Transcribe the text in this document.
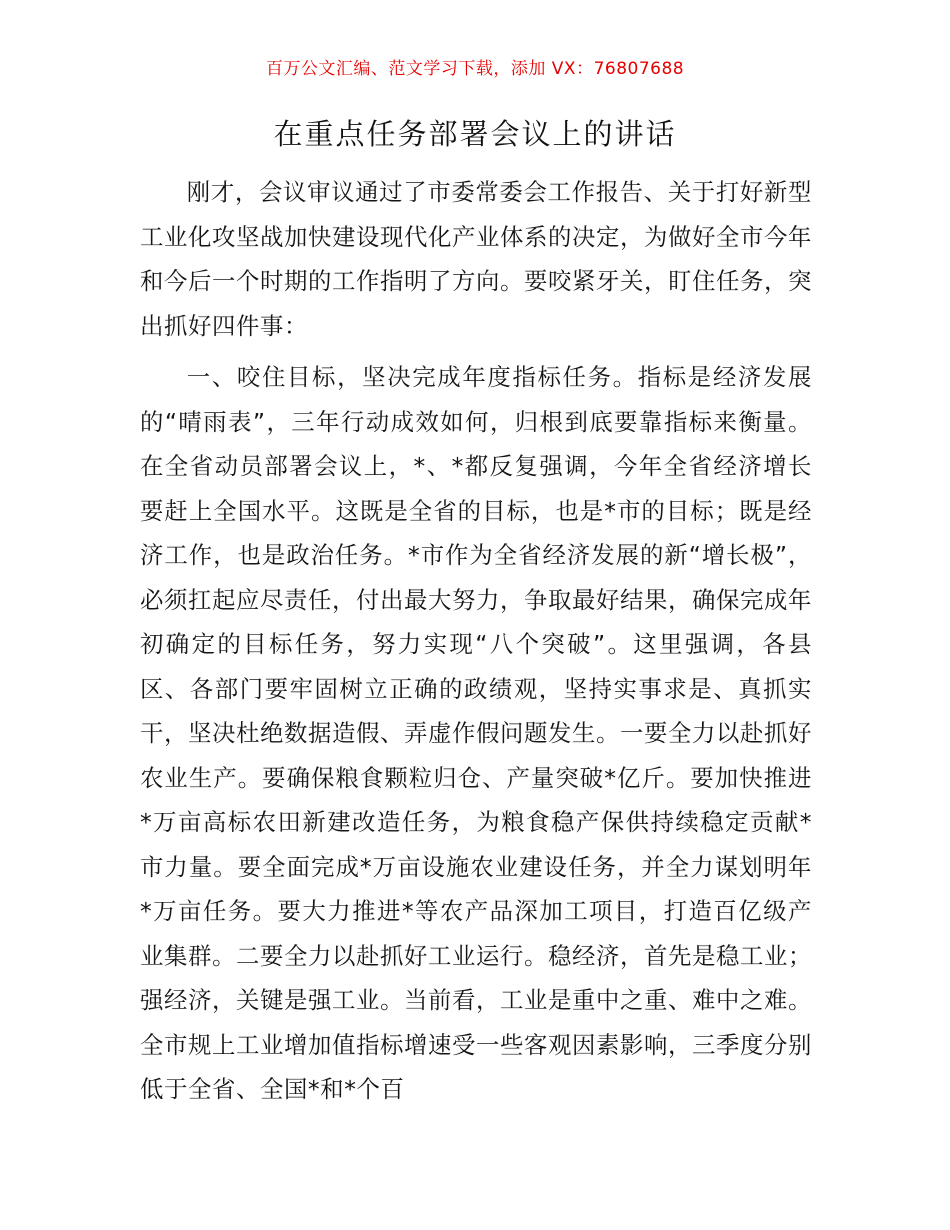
百万公文汇编、范文学习下载，添加 VX：76807688
在重点任务部署会议上的讲话

刚才，会议审议通过了市委常委会工作报告、关于打好新型工业化攻坚战加快建设现代化产业体系的决定，为做好全市今年和今后一个时期的工作指明了方向。要咬紧牙关，盯住任务，突出抓好四件事：

一、咬住目标，坚决完成年度指标任务。指标是经济发展的“晴雨表”，三年行动成效如何，归根到底要靠指标来衡量。在全省动员部署会议上，*、*都反复强调，今年全省经济增长要赶上全国水平。这既是全省的目标，也是*市的目标；既是经济工作，也是政治任务。*市作为全省经济发展的新“增长极”，必须扛起应尽责任，付出最大努力，争取最好结果，确保完成年初确定的目标任务，努力实现“八个突破”。这里强调，各县区、各部门要牢固树立正确的政绩观，坚持实事求是、真抓实干，坚决杜绝数据造假、弄虚作假问题发生。一要全力以赴抓好农业生产。要确保粮食颗粒归仓、产量突破*亿斤。要加快推进*万亩高标农田新建改造任务，为粮食稳产保供持续稳定贡献*市力量。要全面完成*万亩设施农业建设任务，并全力谋划明年*万亩任务。要大力推进*等农产品深加工项目，打造百亿级产业集群。二要全力以赴抓好工业运行。稳经济，首先是稳工业；强经济，关键是强工业。当前看，工业是重中之重、难中之难。全市规上工业增加值指标增速受一些客观因素影响，三季度分别低于全省、全国*和*个百
